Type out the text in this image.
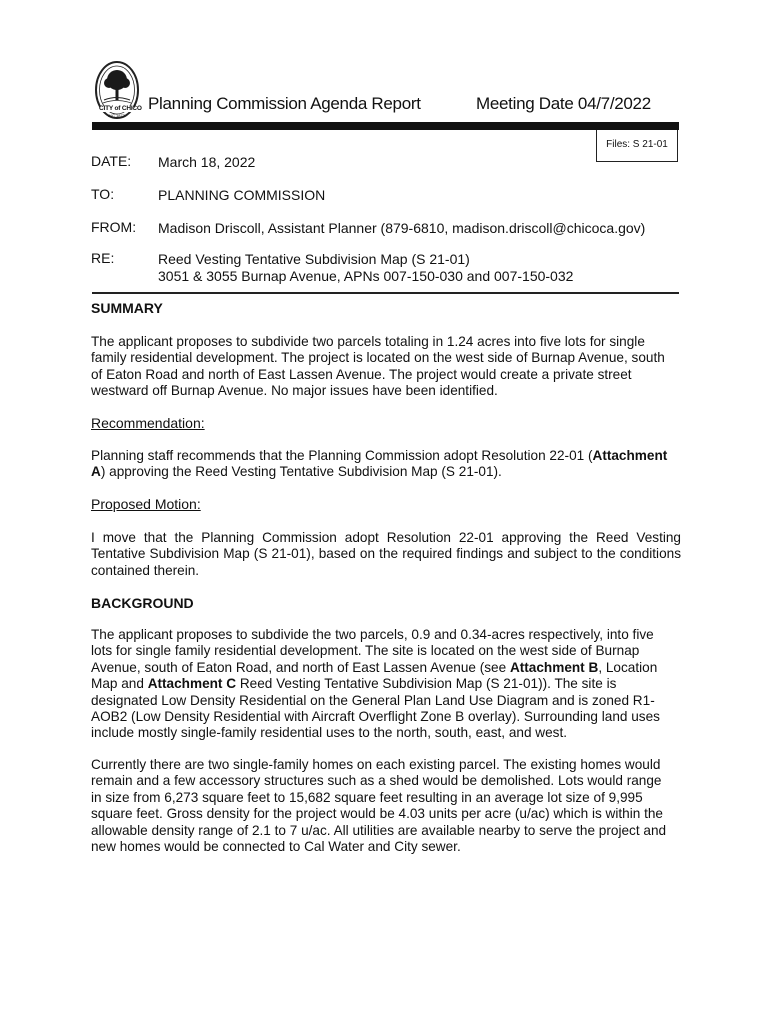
CITY of CHICO
INC 1872
Planning Commission Agenda Report	Meeting Date 04/7/2022
Files: S 21-01
DATE: March 18, 2022
TO:	PLANNING COMMISSION
FROM: Madison Driscoll, Assistant Planner (879-6810, madison.driscoll@chicoca.gov)
RE:	Reed Vesting Tentative Subdivision Map (S 21-01)
3051 & 3055 Burnap Avenue, APNs 007-150-030 and 007-150-032
SUMMARY
The applicant proposes to subdivide two parcels totaling in 1.24 acres into five lots for single
family residential development. The project is located on the west side of Burnap Avenue, south
of Eaton Road and north of East Lassen Avenue. The project would create a private street
westward off Burnap Avenue. No major issues have been identified.
Recommendation:
Planning staff recommends that the Planning Commission adopt Resolution 22-01 (Attachment
A) approving the Reed Vesting Tentative Subdivision Map (S 21-01).
Proposed Motion:
I move that the Planning Commission adopt Resolution 22-01 approving the Reed Vesting
Tentative Subdivision Map (S 21-01), based on the required findings and subject to the conditions
contained therein.
BACKGROUND
The applicant proposes to subdivide the two parcels, 0.9 and 0.34-acres respectively, into five
lots for single family residential development. The site is located on the west side of Burnap
Avenue, south of Eaton Road, and north of East Lassen Avenue (see Attachment B, Location
Map and Attachment C Reed Vesting Tentative Subdivision Map (S 21-01)). The site is
designated Low Density Residential on the General Plan Land Use Diagram and is zoned R1-
AOB2 (Low Density Residential with Aircraft Overflight Zone B overlay). Surrounding land uses
include mostly single-family residential uses to the north, south, east, and west.
Currently there are two single-family homes on each existing parcel. The existing homes would
remain and a few accessory structures such as a shed would be demolished. Lots would range
in size from 6,273 square feet to 15,682 square feet resulting in an average lot size of 9,995
square feet. Gross density for the project would be 4.03 units per acre (u/ac) which is within the
allowable density range of 2.1 to 7 u/ac. All utilities are available nearby to serve the project and
new homes would be connected to Cal Water and City sewer.
